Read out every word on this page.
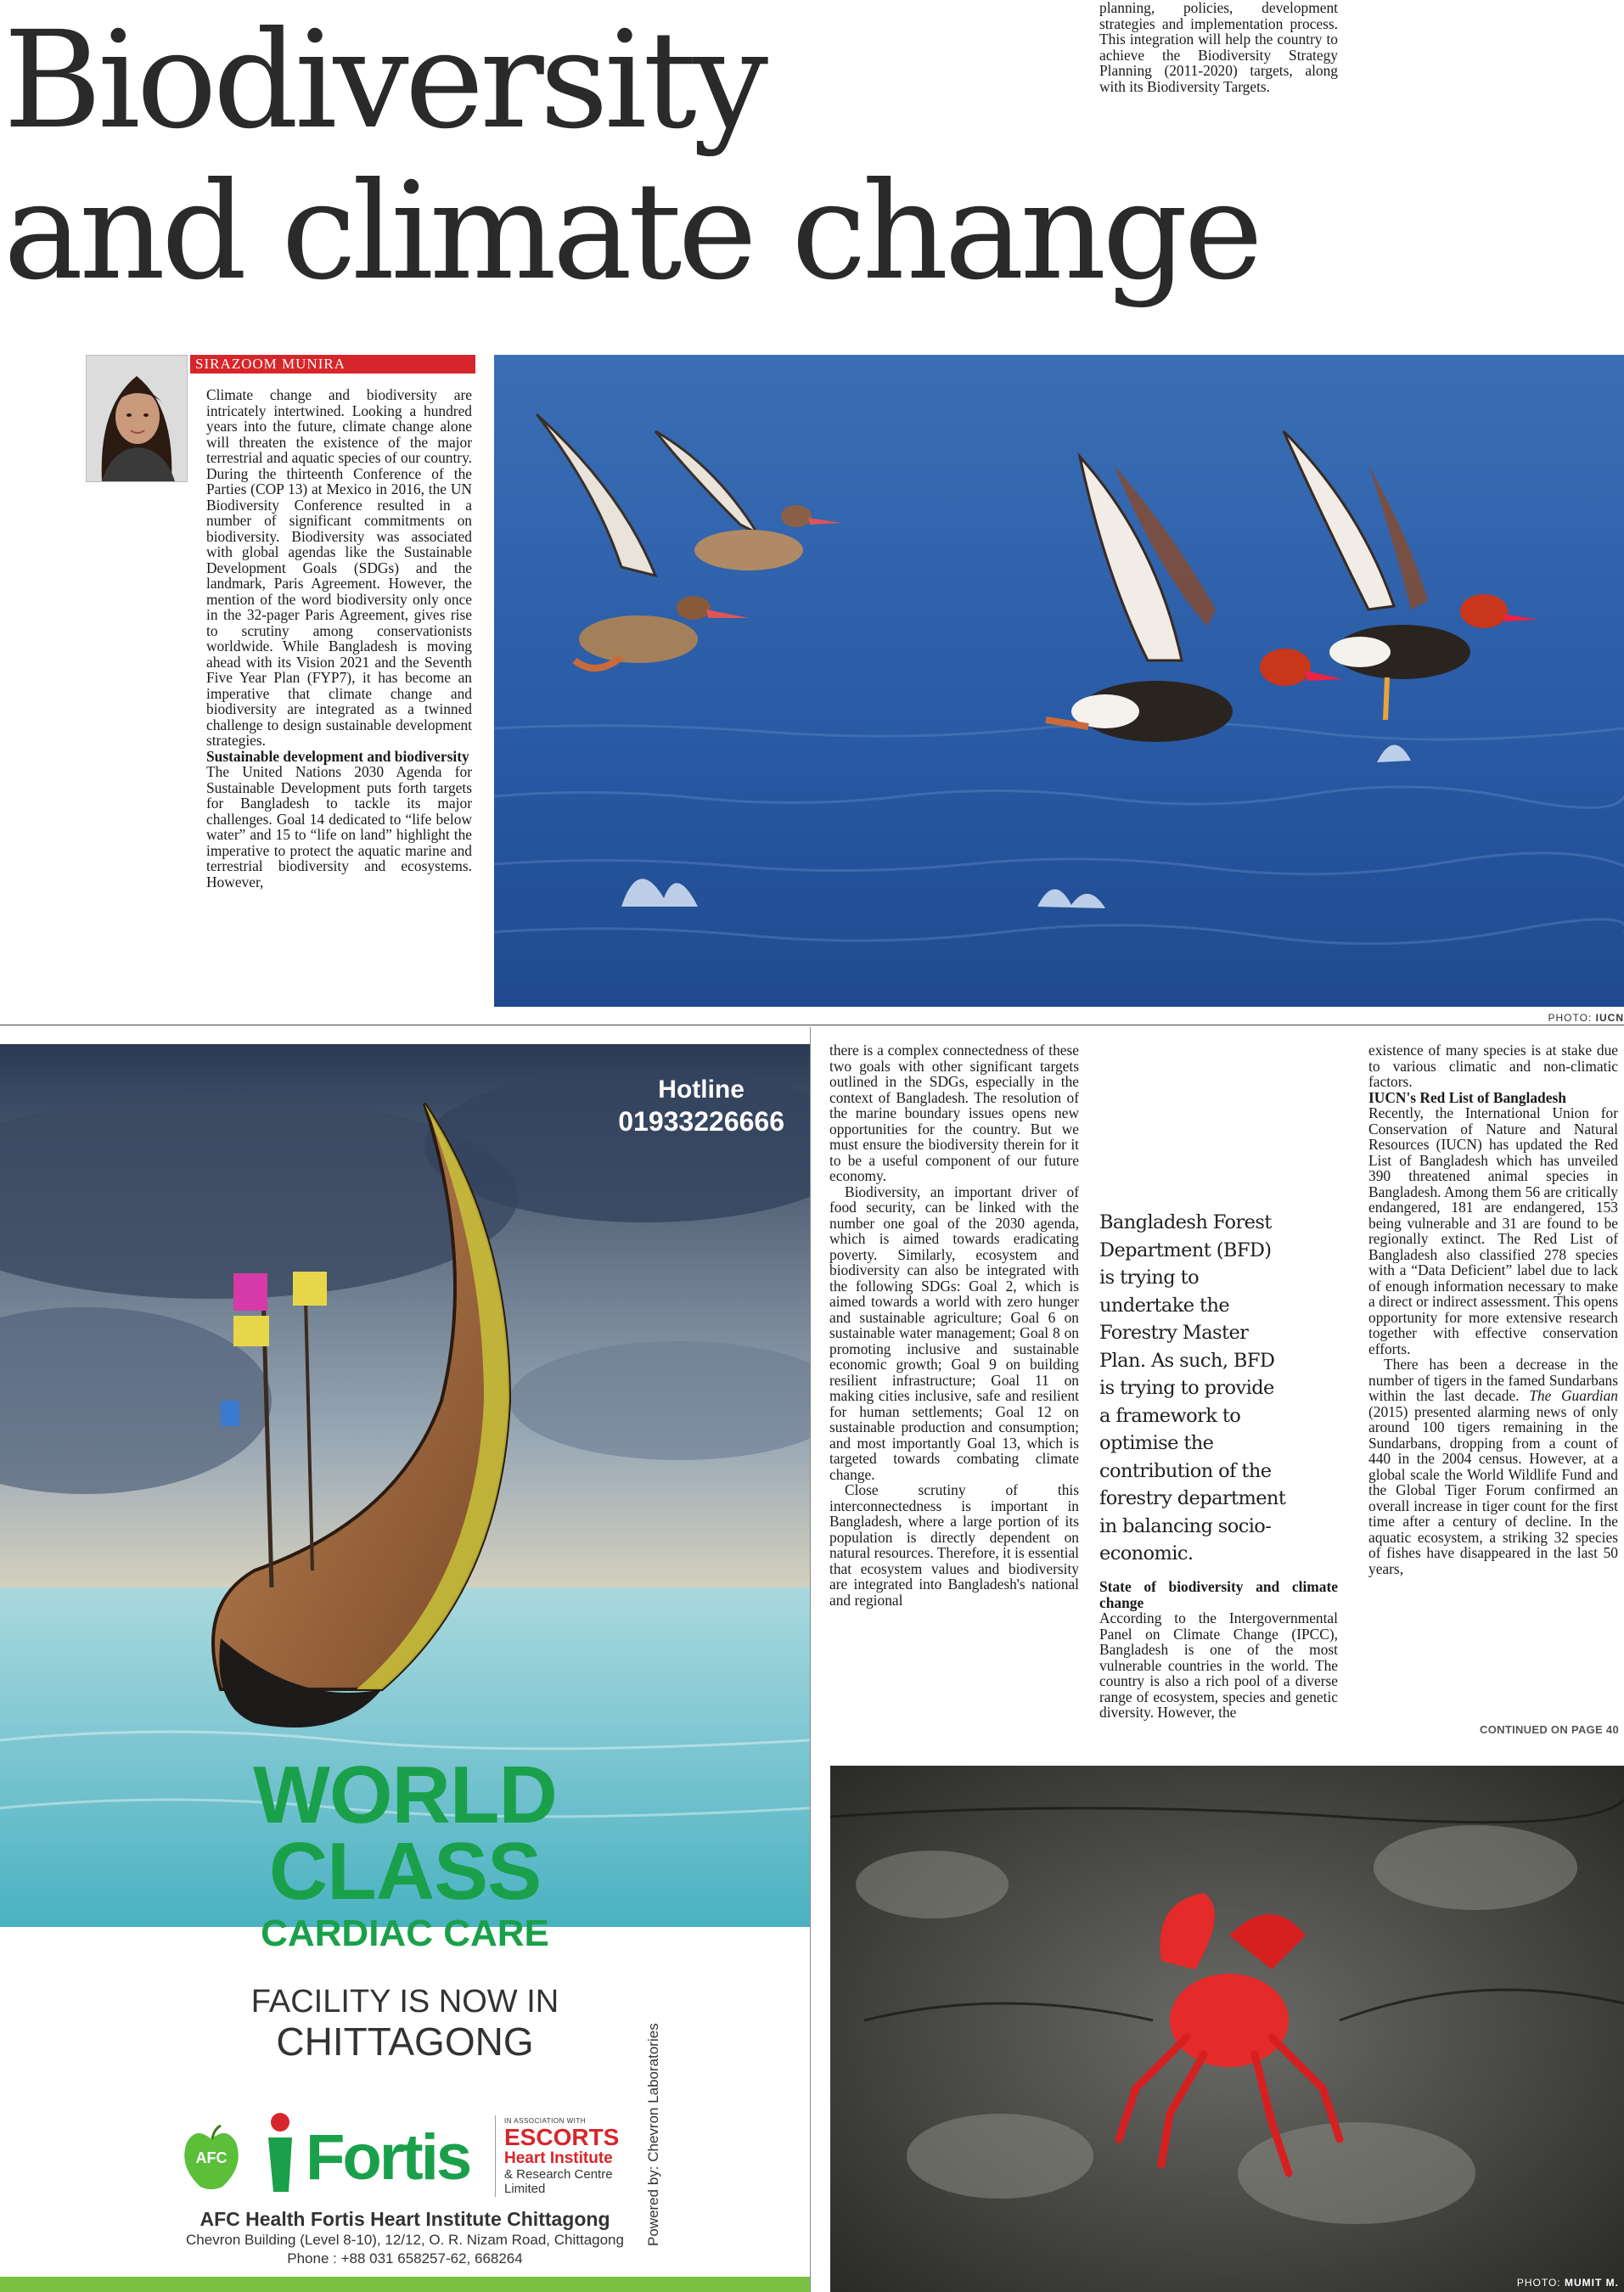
Biodiversity
and climate change
SIRAZOOM MUNIRA

Climate change and biodiversity are intricately intertwined. Looking a hundred years into the future, climate change alone will threaten the existence of the major terrestrial and aquatic species of our country. During the thirteenth Conference of the Parties (COP 13) at Mexico in 2016, the UN Biodiversity Conference resulted in a number of significant commitments on biodiversity. Biodiversity was associated with global agendas like the Sustainable Development Goals (SDGs) and the landmark, Paris Agreement. However, the mention of the word biodiversity only once in the 32-pager Paris Agreement, gives rise to scrutiny among conservationists worldwide. While Bangladesh is moving ahead with its Vision 2021 and the Seventh Five Year Plan (FYP7), it has become an imperative that climate change and biodiversity are integrated as a twinned challenge to design sustainable development strategies.

Sustainable development and biodiversity

The United Nations 2030 Agenda for Sustainable Development puts forth targets for Bangladesh to tackle its major challenges. Goal 14 dedicated to “life below water” and 15 to “life on land” highlight the imperative to protect the aquatic marine and terrestrial biodiversity and ecosystems. However,

PHOTO: IUCN
Hotline
01933226666
WORLD
CLASS
CARDIAC CARE
FACILITY IS NOW IN
CHITTAGONG
AFC Fortis
IN ASSOCIATION WITH
ESCORTS
Heart Institute
& Research Centre
Limited
AFC Health Fortis Heart Institute Chittagong
Chevron Building (Level 8-10), 12/12, O. R. Nizam Road, Chittagong
Phone : +88 031 658257-62, 668264
Powered by: Chevron Laboratories

there is a complex connectedness of these two goals with other significant targets outlined in the SDGs, especially in the context of Bangladesh. The resolution of the marine boundary issues opens new opportunities for the country. But we must ensure the biodiversity therein for it to be a useful component of our future economy.

Biodiversity, an important driver of food security, can be linked with the number one goal of the 2030 agenda, which is aimed towards eradicating poverty. Similarly, ecosystem and biodiversity can also be integrated with the following SDGs: Goal 2, which is aimed towards a world with zero hunger and sustainable agriculture; Goal 6 on sustainable water management; Goal 8 on promoting inclusive and sustainable economic growth; Goal 9 on building resilient infrastructure; Goal 11 on making cities inclusive, safe and resilient for human settlements; Goal 12 on sustainable production and consumption; and most importantly Goal 13, which is targeted towards combating climate change.

Close scrutiny of this interconnectedness is important in Bangladesh, where a large portion of its population is directly dependent on natural resources. Therefore, it is essential that ecosystem values and biodiversity are integrated into Bangladesh's national and regional

planning, policies, development strategies and implementation process. This integration will help the country to achieve the Biodiversity Strategy Planning (2011-2020) targets, along with its Biodiversity Targets.

Bangladesh Forest Department (BFD) is trying to undertake the Forestry Master Plan. As such, BFD is trying to provide a framework to optimise the contribution of the forestry department in balancing socio-economic.
State of biodiversity and climate change

According to the Intergovernmental Panel on Climate Change (IPCC), Bangladesh is one of the most vulnerable countries in the world. The country is also a rich pool of a diverse range of ecosystem, species and genetic diversity. However, the

existence of many species is at stake due to various climatic and non-climatic factors.

IUCN's Red List of Bangladesh

Recently, the International Union for Conservation of Nature and Natural Resources (IUCN) has updated the Red List of Bangladesh which has unveiled 390 threatened animal species in Bangladesh. Among them 56 are critically endangered, 181 are endangered, 153 being vulnerable and 31 are found to be regionally extinct. The Red List of Bangladesh also classified 278 species with a “Data Deficient” label due to lack of enough information necessary to make a direct or indirect assessment. This opens opportunity for more extensive research together with effective conservation efforts.

There has been a decrease in the number of tigers in the famed Sundarbans within the last decade. The Guardian (2015) presented alarming news of only around 100 tigers remaining in the Sundarbans, dropping from a count of 440 in the 2004 census. However, at a global scale the World Wildlife Fund and the Global Tiger Forum confirmed an overall increase in tiger count for the first time after a century of decline. In the aquatic ecosystem, a striking 32 species of fishes have disappeared in the last 50 years,

CONTINUED ON PAGE 40
PHOTO: MUMIT M.
